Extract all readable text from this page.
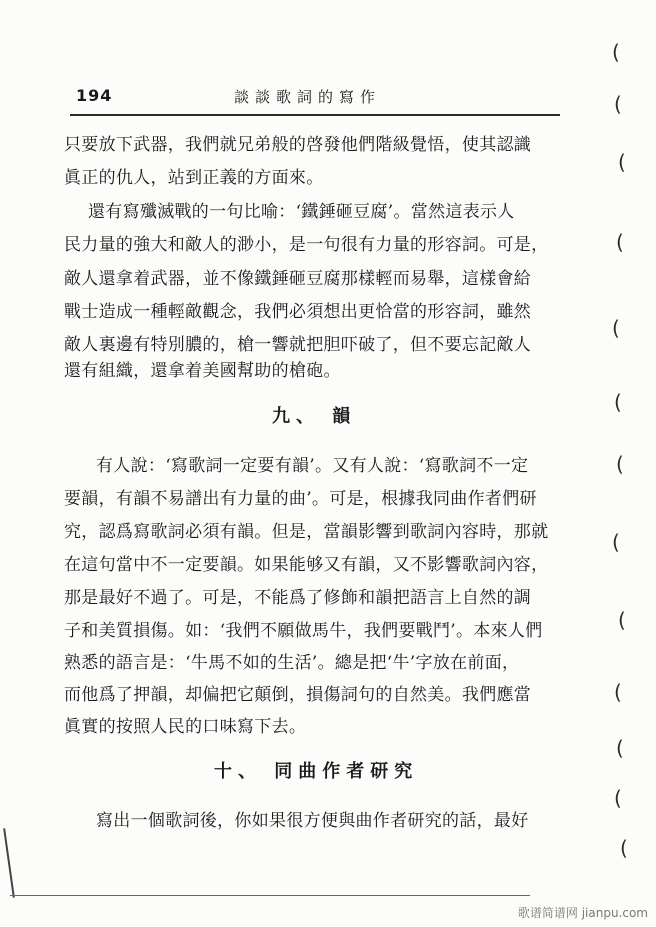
194	談談歌詞的寫作
只要放下武器，我們就兄弟般的啓發他們階級覺悟，使其認識
眞正的仇人，站到正義的方面來。
還有寫殲滅戰的一句比喻：‘鐵錘砸豆腐’。當然這表示人
民力量的強大和敵人的渺小，是一句很有力量的形容詞。可是，
敵人還拿着武器，並不像鐵錘砸豆腐那樣輕而易舉，這樣會給
戰士造成一種輕敵觀念，我們必須想出更恰當的形容詞，雖然
敵人裏邊有特別膿的，槍一響就把胆吓破了，但不要忘記敵人
還有組織，還拿着美國幫助的槍砲。
九、 韻
有人說：‘寫歌詞一定要有韻’。又有人說：‘寫歌詞不一定
要韻，有韻不易譜出有力量的曲’。可是，根據我同曲作者們研
究，認爲寫歌詞必須有韻。但是，當韻影響到歌詞內容時，那就
在這句當中不一定要韻。如果能够又有韻，又不影響歌詞內容，
那是最好不過了。可是，不能爲了修飾和韻把語言上自然的調
子和美質損傷。如：‘我們不願做馬牛，我們要戰鬥’。本來人們
熟悉的語言是：‘牛馬不如的生活’。總是把‘牛’字放在前面，
而他爲了押韻，却偏把它顛倒，損傷詞句的自然美。我們應當
眞實的按照人民的口味寫下去。
十、 同曲作者研究
寫出一個歌詞後，你如果很方便與曲作者研究的話，最好
(
(
(
(
(
(
(
(
(
(
(
(
(
歌谱简谱网 jianpu.com
